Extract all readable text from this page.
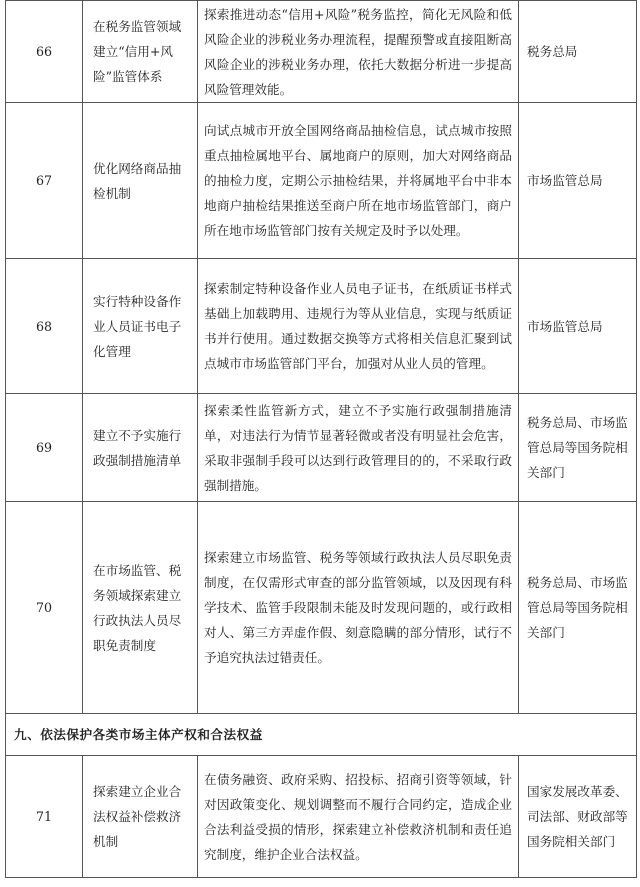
66	在税务监管领域建立“信用+风险”监管体系	探索推进动态“信用+风险”税务监控，简化无风险和低风险企业的涉税业务办理流程，提醒预警或直接阻断高风险企业的涉税业务办理，依托大数据分析进一步提高风险管理效能。	税务总局
67	优化网络商品抽检机制	向试点城市开放全国网络商品抽检信息，试点城市按照重点抽检属地平台、属地商户的原则，加大对网络商品的抽检力度，定期公示抽检结果，并将属地平台中非本地商户抽检结果推送至商户所在地市场监管部门，商户所在地市场监管部门按有关规定及时予以处理。	市场监管总局
68	实行特种设备作业人员证书电子化管理	探索制定特种设备作业人员电子证书，在纸质证书样式基础上加载聘用、违规行为等从业信息，实现与纸质证书并行使用。通过数据交换等方式将相关信息汇聚到试点城市市场监管部门平台，加强对从业人员的管理。	市场监管总局
69	建立不予实施行政强制措施清单	探索柔性监管新方式，建立不予实施行政强制措施清单，对违法行为情节显著轻微或者没有明显社会危害，采取非强制手段可以达到行政管理目的的，不采取行政强制措施。	税务总局、市场监管总局等国务院相关部门
70	在市场监管、税务领域探索建立行政执法人员尽职免责制度	探索建立市场监管、税务等领域行政执法人员尽职免责制度，在仅需形式审查的部分监管领域，以及因现有科学技术、监管手段限制未能及时发现问题的，或行政相对人、第三方弄虚作假、刻意隐瞒的部分情形，试行不予追究执法过错责任。	税务总局、市场监管总局等国务院相关部门
九、依法保护各类市场主体产权和合法权益			
71	探索建立企业合法权益补偿救济机制	在债务融资、政府采购、招投标、招商引资等领域，针对因政策变化、规划调整而不履行合同约定，造成企业合法利益受损的情形，探索建立补偿救济机制和责任追究制度，维护企业合法权益。	国家发展改革委、司法部、财政部等国务院相关部门
